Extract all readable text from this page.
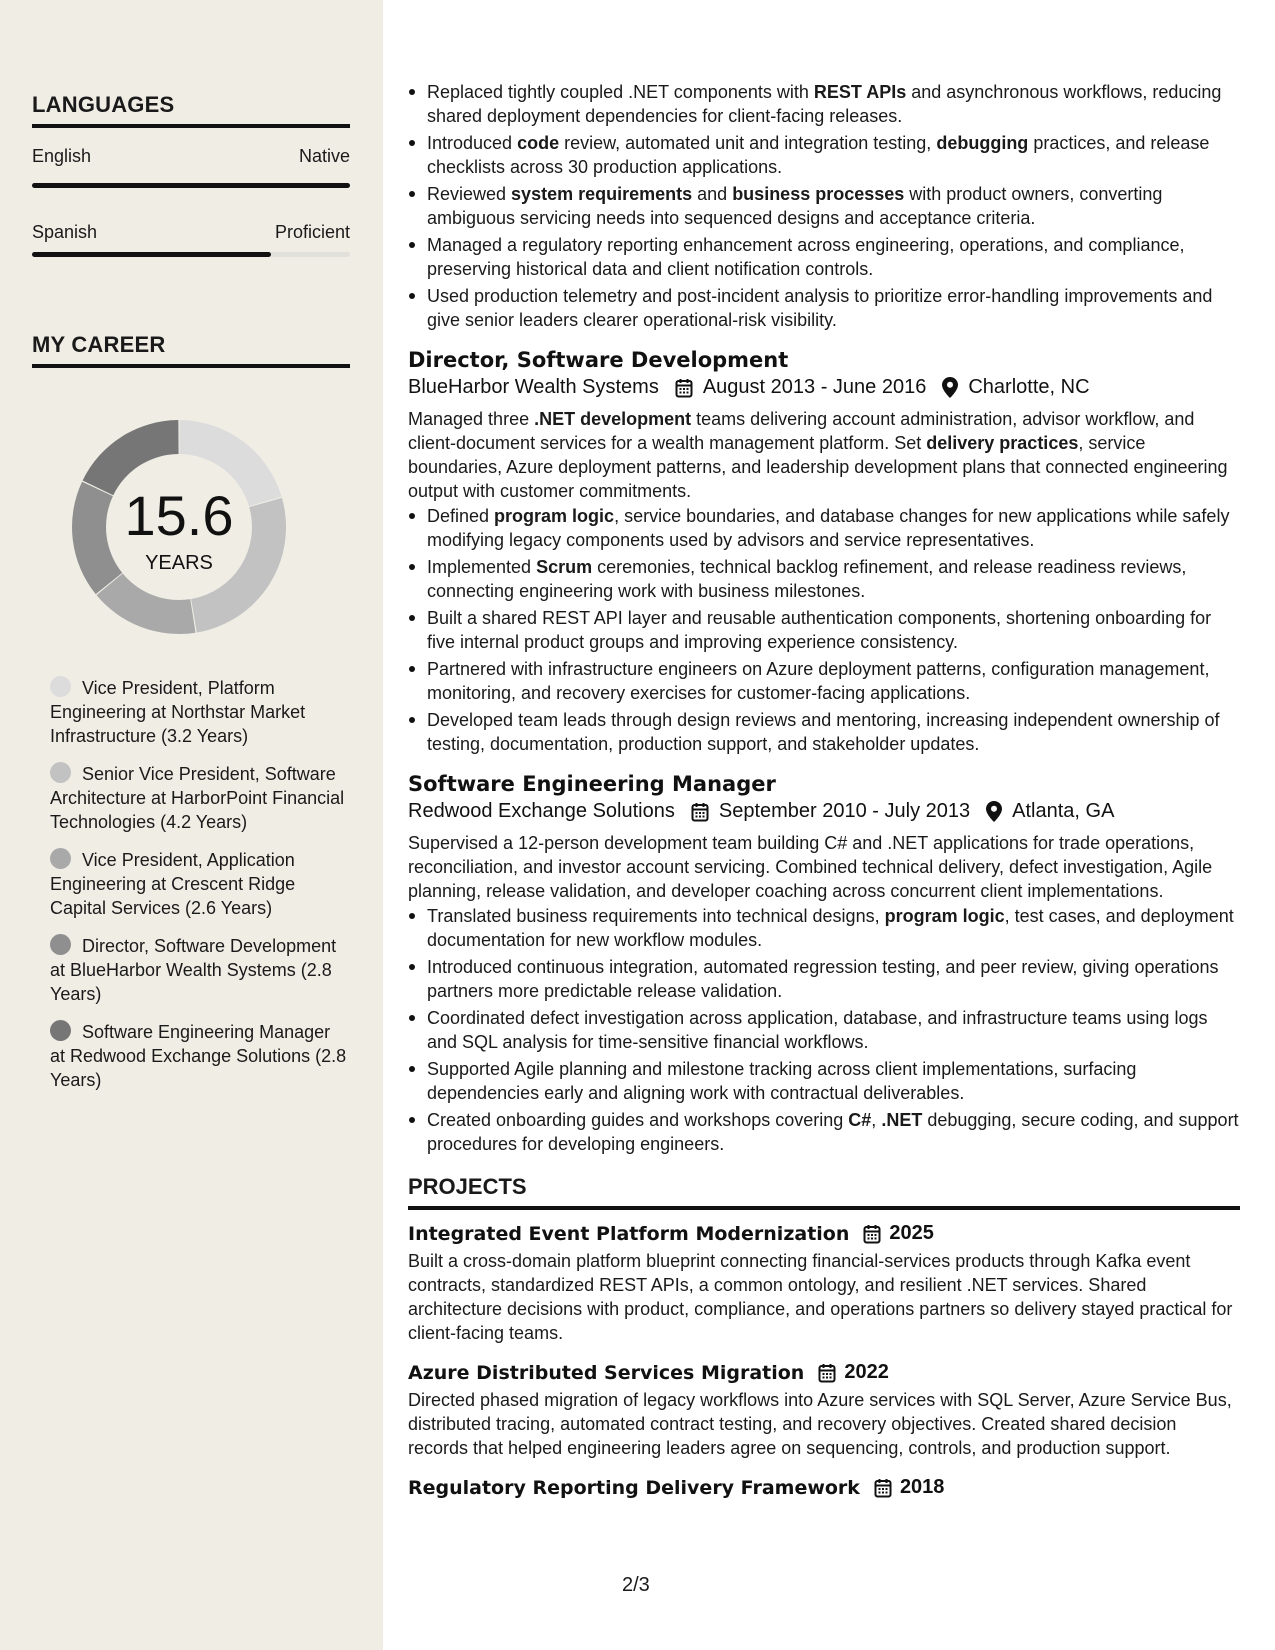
LANGUAGES
English	Native
Spanish	Proficient
MY CAREER
15.6
YEARS
Vice President, Platform Engineering at Northstar Market Infrastructure (3.2 Years)
Senior Vice President, Software Architecture at HarborPoint Financial Technologies (4.2 Years)
Vice President, Application Engineering at Crescent Ridge Capital Services (2.6 Years)
Director, Software Development at BlueHarbor Wealth Systems (2.8 Years)
Software Engineering Manager at Redwood Exchange Solutions (2.8 Years)
Replaced tightly coupled .NET components with REST APIs and asynchronous workflows, reducing shared deployment dependencies for client-facing releases.
Introduced code review, automated unit and integration testing, debugging practices, and release checklists across 30 production applications.
Reviewed system requirements and business processes with product owners, converting ambiguous servicing needs into sequenced designs and acceptance criteria.
Managed a regulatory reporting enhancement across engineering, operations, and compliance, preserving historical data and client notification controls.
Used production telemetry and post-incident analysis to prioritize error-handling improvements and give senior leaders clearer operational-risk visibility.
Director, Software Development
BlueHarbor Wealth Systems August 2013 - June 2016 Charlotte, NC
Managed three .NET development teams delivering account administration, advisor workflow, and client-document services for a wealth management platform. Set delivery practices, service boundaries, Azure deployment patterns, and leadership development plans that connected engineering output with customer commitments.
Defined program logic, service boundaries, and database changes for new applications while safely modifying legacy components used by advisors and service representatives.
Implemented Scrum ceremonies, technical backlog refinement, and release readiness reviews, connecting engineering work with business milestones.
Built a shared REST API layer and reusable authentication components, shortening onboarding for five internal product groups and improving experience consistency.
Partnered with infrastructure engineers on Azure deployment patterns, configuration management, monitoring, and recovery exercises for customer-facing applications.
Developed team leads through design reviews and mentoring, increasing independent ownership of testing, documentation, production support, and stakeholder updates.
Software Engineering Manager
Redwood Exchange Solutions September 2010 - July 2013 Atlanta, GA
Supervised a 12-person development team building C# and .NET applications for trade operations, reconciliation, and investor account servicing. Combined technical delivery, defect investigation, Agile planning, release validation, and developer coaching across concurrent client implementations.
Translated business requirements into technical designs, program logic, test cases, and deployment documentation for new workflow modules.
Introduced continuous integration, automated regression testing, and peer review, giving operations partners more predictable release validation.
Coordinated defect investigation across application, database, and infrastructure teams using logs and SQL analysis for time-sensitive financial workflows.
Supported Agile planning and milestone tracking across client implementations, surfacing dependencies early and aligning work with contractual deliverables.
Created onboarding guides and workshops covering C#, .NET debugging, secure coding, and support procedures for developing engineers.
PROJECTS
Integrated Event Platform Modernization 2025
Built a cross-domain platform blueprint connecting financial-services products through Kafka event contracts, standardized REST APIs, a common ontology, and resilient .NET services. Shared architecture decisions with product, compliance, and operations partners so delivery stayed practical for client-facing teams.
Azure Distributed Services Migration 2022
Directed phased migration of legacy workflows into Azure services with SQL Server, Azure Service Bus, distributed tracing, automated contract testing, and recovery objectives. Created shared decision records that helped engineering leaders agree on sequencing, controls, and production support.
Regulatory Reporting Delivery Framework 2018
2/3
